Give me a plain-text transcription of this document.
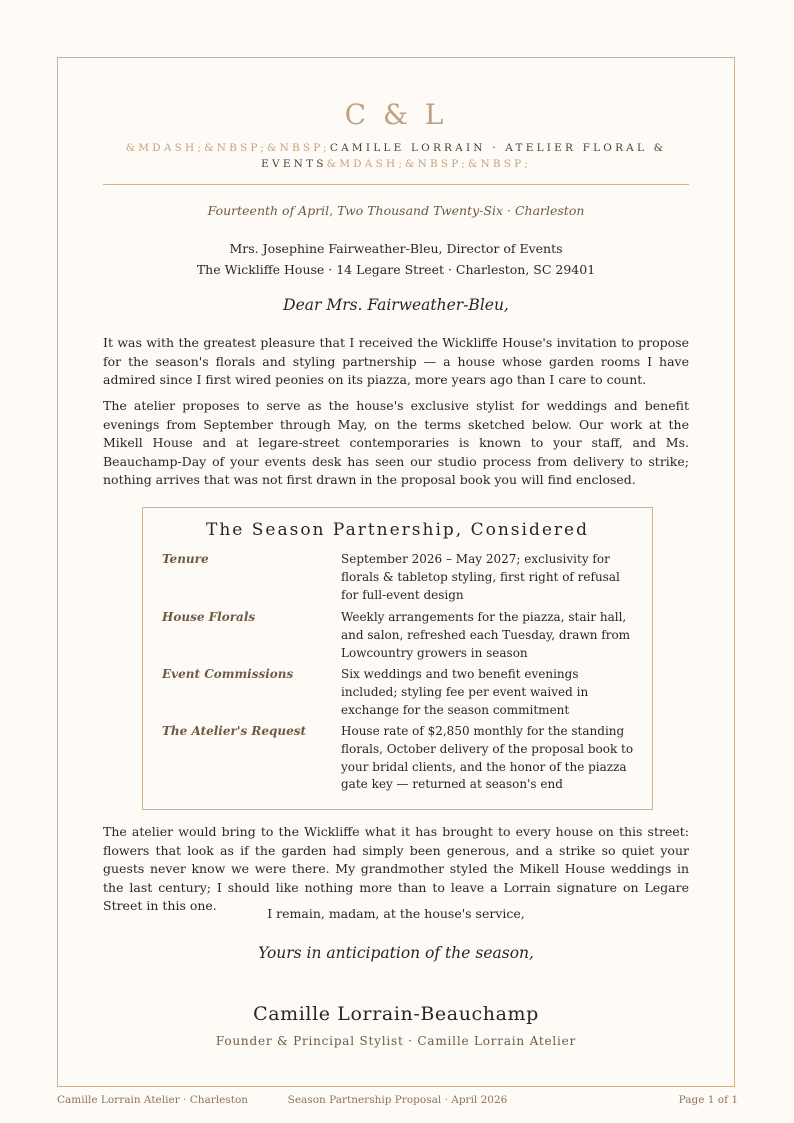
C & L
&MDASH;&NBSP;&NBSP;CAMILLE LORRAIN · ATELIER FLORAL & EVENTS&MDASH;&NBSP;&NBSP;
Fourteenth of April, Two Thousand Twenty-Six · Charleston
Mrs. Josephine Fairweather-Bleu, Director of Events
The Wickliffe House · 14 Legare Street · Charleston, SC 29401
Dear Mrs. Fairweather-Bleu,

It was with the greatest pleasure that I received the Wickliffe House's invitation to propose for the season's florals and styling partnership — a house whose garden rooms I have admired since I first wired peonies on its piazza, more years ago than I care to count.

The atelier proposes to serve as the house's exclusive stylist for weddings and benefit evenings from September through May, on the terms sketched below. Our work at the Mikell House and at legare-street contemporaries is known to your staff, and Ms. Beauchamp-Day of your events desk has seen our studio process from delivery to strike; nothing arrives that was not first drawn in the proposal book you will find enclosed.

The Season Partnership, Considered
Tenure	September 2026 – May 2027; exclusivity for florals & tabletop styling, first right of refusal for full-event design
House Florals	Weekly arrangements for the piazza, stair hall, and salon, refreshed each Tuesday, drawn from Lowcountry growers in season
Event Commissions	Six weddings and two benefit evenings included; styling fee per event waived in exchange for the season commitment
The Atelier's Request	House rate of $2,850 monthly for the standing florals, October delivery of the proposal book to your bridal clients, and the honor of the piazza gate key — returned at season's end

The atelier would bring to the Wickliffe what it has brought to every house on this street: flowers that look as if the garden had simply been generous, and a strike so quiet your guests never know we were there. My grandmother styled the Mikell House weddings in the last century; I should like nothing more than to leave a Lorrain signature on Legare Street in this one.

I remain, madam, at the house's service,
Yours in anticipation of the season,
Camille Lorrain-Beauchamp
Founder & Principal Stylist · Camille Lorrain Atelier
Camille Lorrain Atelier · Charleston	Season Partnership Proposal · April 2026	Page 1 of 1
